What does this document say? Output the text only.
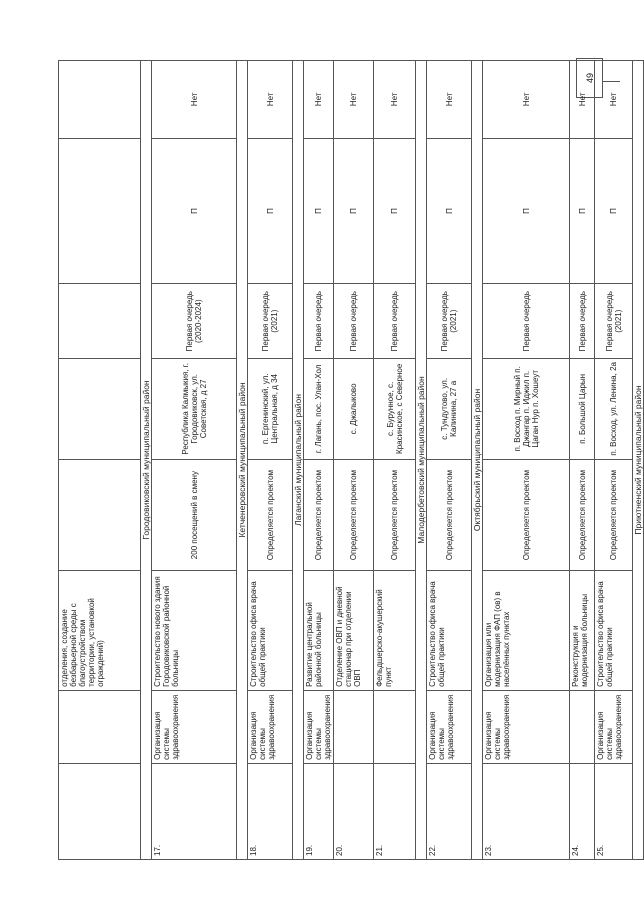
49
		отделения, создание безбарьерной среды с благоустройством территории, установкой ограждений)					
Городовиковский муниципальный район							
17.	Организация системы здравоохранения	Строительство нового здания Городовиковской районной больницы	200 посещений в смену	Республика Калмыкия, г. Городовиковск, ул. Советская, д 27	Первая очередь (2020-2024)	П	Нет
Кетченеровский муниципальный район							
18.	Организация системы здравоохранения	Строительство офиса врача общей практики	Определяется проектом	п. Ергенинский, ул. Центральная, д 34	Первая очередь (2021)	П	Нет
Лаганский муниципальный район							
19.	Организация системы здравоохранения	Развитие центральной районной больницы	Определяется проектом	г. Лагань, пос. Улан-Хол	Первая очередь	П	Нет
20.		Отделение ОВП и дневной стационар при отделении ОВП	Определяется проектом	с. Джалыково	Первая очередь	П	Нет
21.		Фельдшерско-акушерский пункт	Определяется проектом	с. Бурунное, с. Красинское, с Северное	Первая очередь	П	Нет
Малодербетовский муниципальный район							
22.	Организация системы здравоохранения	Строительство офиса врача общей практики	Определяется проектом	с. Тундутово, ул. Калинина, 27 а	Первая очередь (2021)	П	Нет
Октябрьский муниципальный район							
23.	Организация системы здравоохранения	Организация или модернизация ФАП (ов) в населённых пунктах	Определяется проектом	п. Восход п. Мирный п. Джангар п. Иджил п. Цаган Нур п. Хошеут	Первая очередь	П	Нет
24.		Реконструкция и модернизация больницы	Определяется проектом	п. Большой Царын	Первая очередь	П	Нет
25.	Организация системы здравоохранения	Строительство офиса врача общей практики	Определяется проектом	п. Восход, ул. Ленина, 2а	Первая очередь (2021)	П	Нет
Приютненский муниципальный район							
